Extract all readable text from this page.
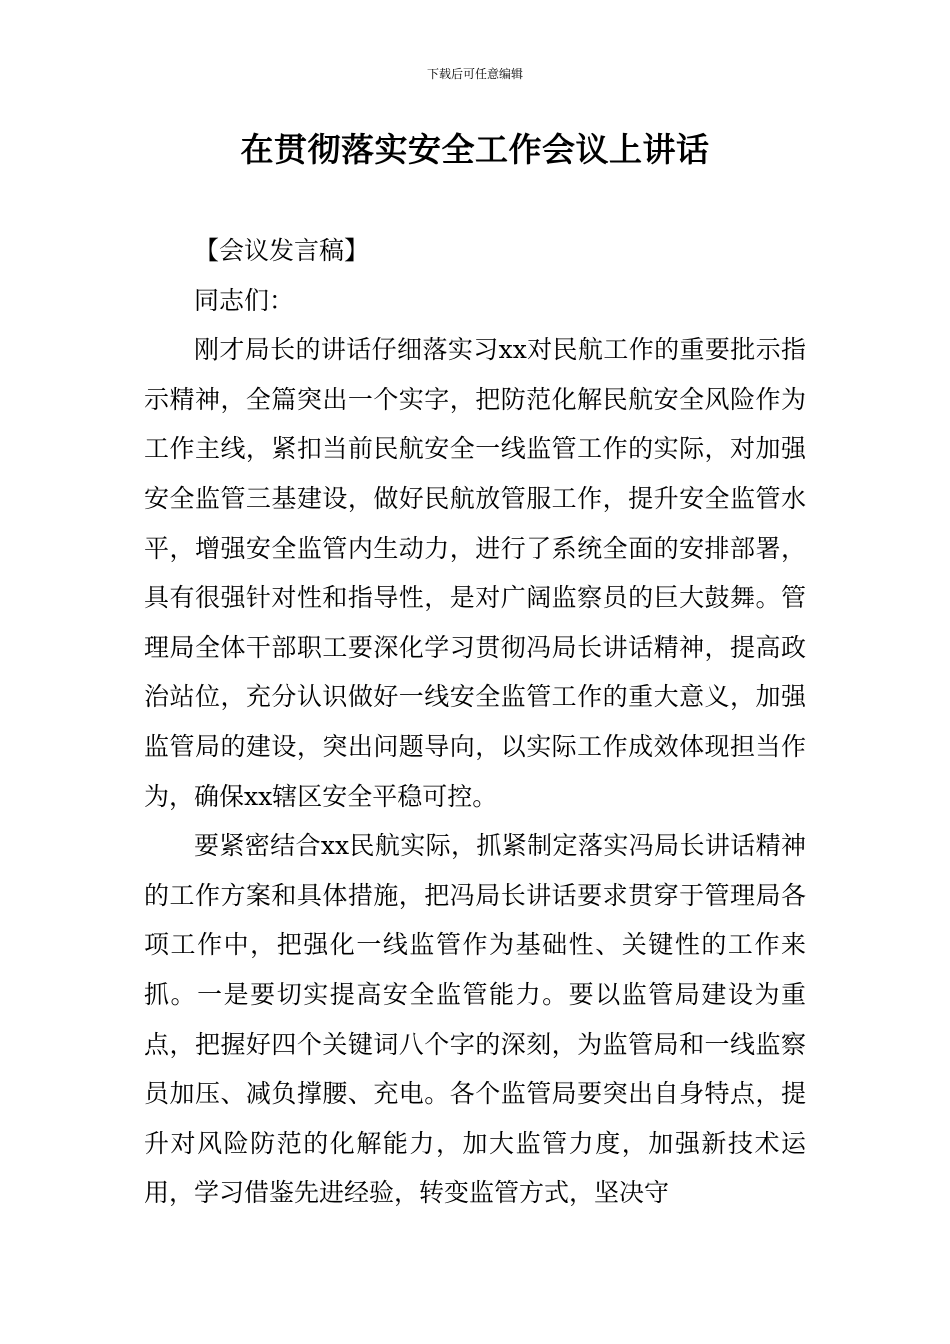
下载后可任意编辑
在贯彻落实安全工作会议上讲话

【会议发言稿】

同志们：

刚才局长的讲话仔细落实习xx对民航工作的重要批示指示精神，全篇突出一个实字，把防范化解民航安全风险作为工作主线，紧扣当前民航安全一线监管工作的实际，对加强安全监管三基建设，做好民航放管服工作，提升安全监管水平，增强安全监管内生动力，进行了系统全面的安排部署，具有很强针对性和指导性，是对广阔监察员的巨大鼓舞。管理局全体干部职工要深化学习贯彻冯局长讲话精神，提高政治站位，充分认识做好一线安全监管工作的重大意义，加强监管局的建设，突出问题导向，以实际工作成效体现担当作为，确保xx辖区安全平稳可控。

要紧密结合xx民航实际，抓紧制定落实冯局长讲话精神的工作方案和具体措施，把冯局长讲话要求贯穿于管理局各项工作中，把强化一线监管作为基础性、关键性的工作来抓。一是要切实提高安全监管能力。要以监管局建设为重点，把握好四个关键词八个字的深刻，为监管局和一线监察员加压、减负撑腰、充电。各个监管局要突出自身特点，提升对风险防范的化解能力，加大监管力度，加强新技术运用，学习借鉴先进经验，转变监管方式，坚决守
